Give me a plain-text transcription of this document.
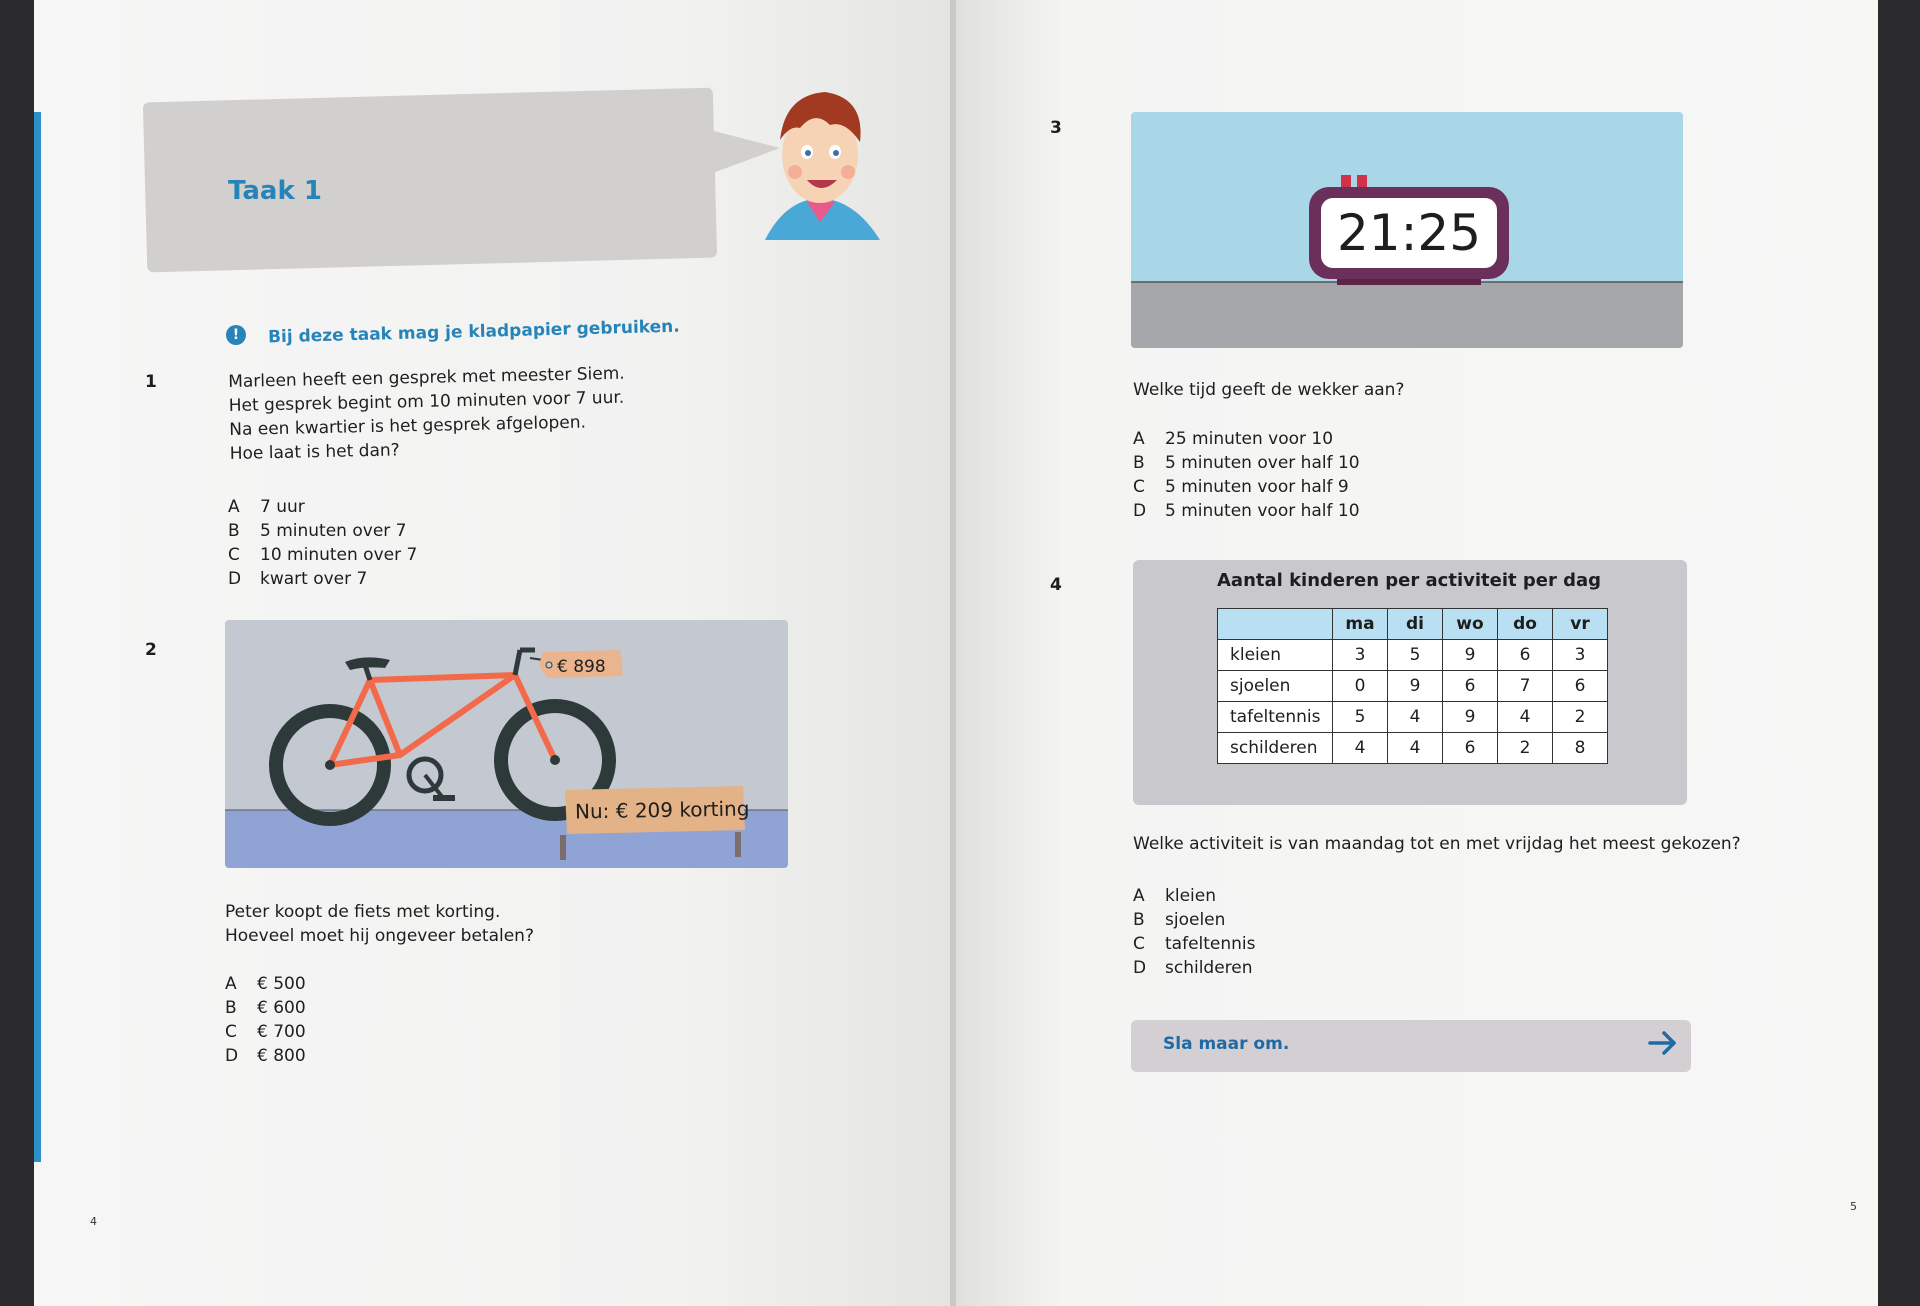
Taak 1
!	Bij deze taak mag je kladpapier gebruiken.
1	Marleen heeft een gesprek met meester Siem.
Het gesprek begint om 10 minuten voor 7 uur.
Na een kwartier is het gesprek afgelopen.
Hoe laat is het dan?
A 7 uur
B 5 minuten over 7
C 10 minuten over 7
D kwart over 7
2
€ 898
Nu: € 209 korting
Peter koopt de fiets met korting.
Hoeveel moet hij ongeveer betalen?
A € 500
B € 600
C € 700
D € 800
4
3
21:25
Welke tijd geeft de wekker aan?
A 25 minuten voor 10
B 5 minuten over half 10
C 5 minuten voor half 9
D 5 minuten voor half 10
4	Aantal kinderen per activiteit per dag
	ma	di	wo	do	vr
kleien	3	5	9	6	3
sjoelen	0	9	6	7	6
tafeltennis	5	4	9	4	2
schilderen	4	4	6	2	8
Welke activiteit is van maandag tot en met vrijdag het meest gekozen?
A kleien
B sjoelen
C tafeltennis
D schilderen
Sla maar om.
5
